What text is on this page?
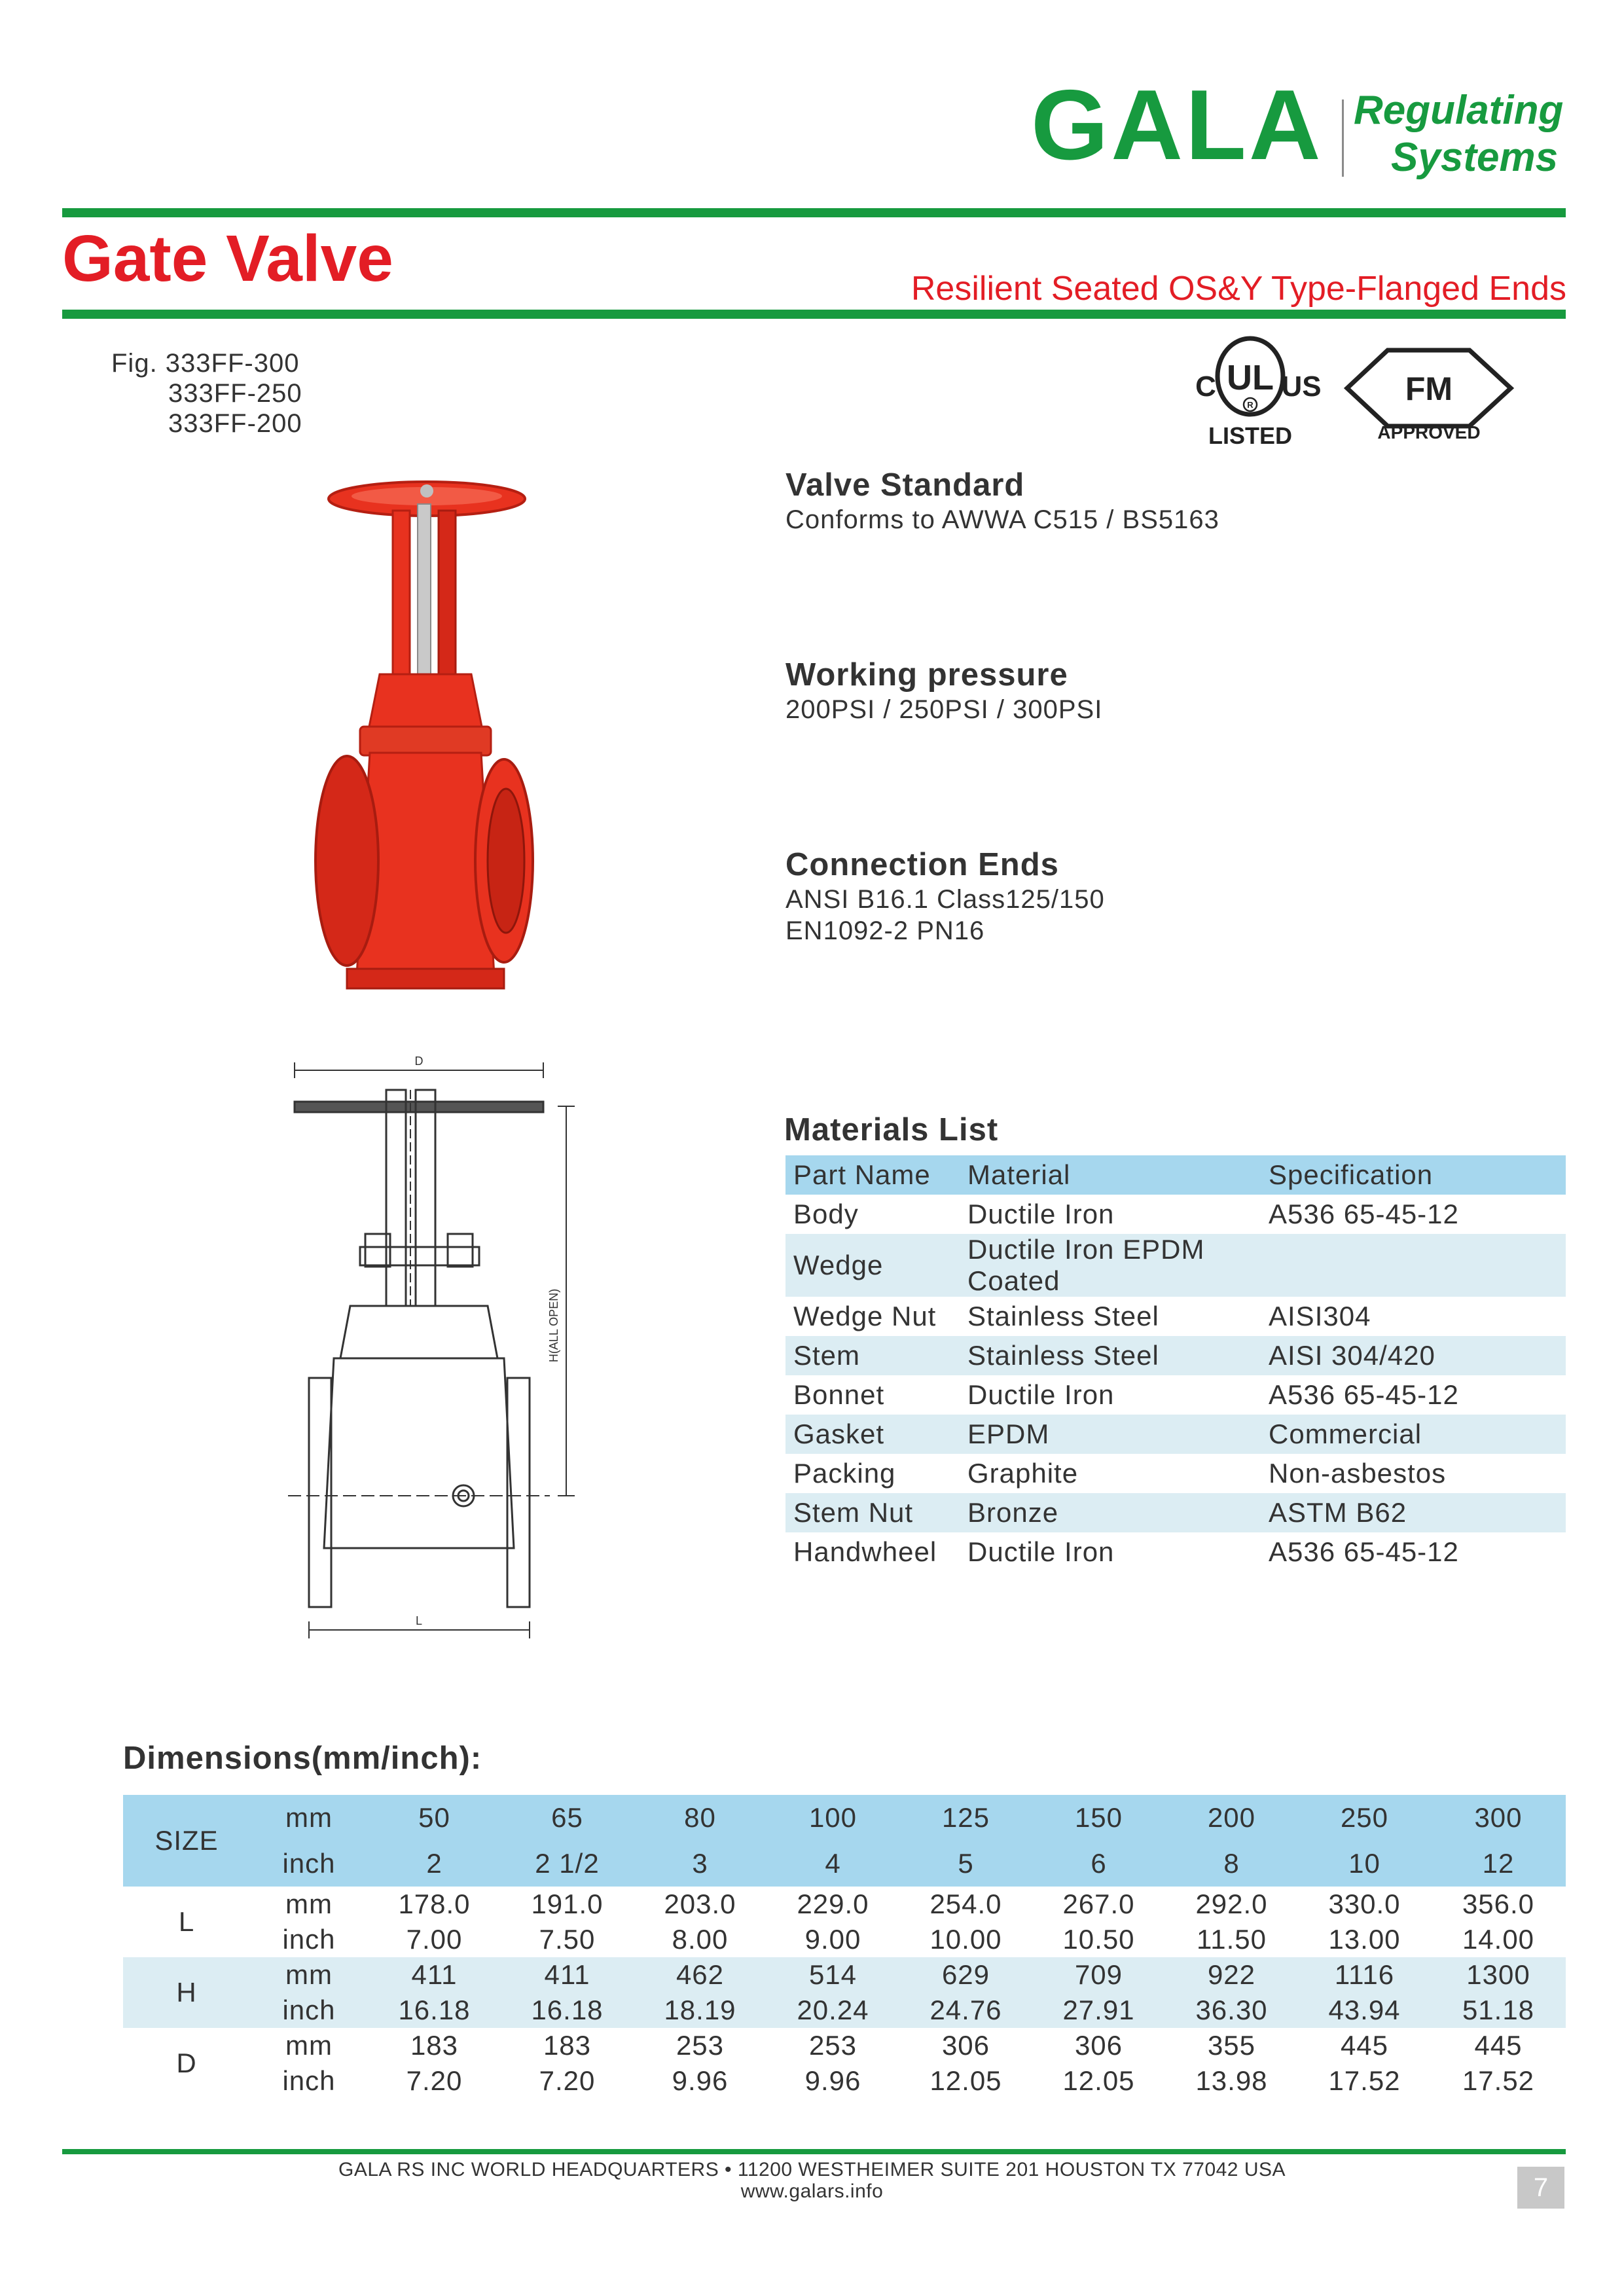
GALA Regulating
Systems
Gate Valve	Resilient Seated OS&Y Type-Flanged Ends
Fig. 333FF-300
333FF-250
333FF-200
UL
R
C US
LISTED
FM
APPROVED
D
H(ALL OPEN)
L
Valve Standard
Conforms to AWWA C515 / BS5163
Working pressure
200PSI / 250PSI / 300PSI
Connection Ends
ANSI B16.1 Class125/150
EN1092-2 PN16
Materials List
Part Name	Material	Specification
Body	Ductile Iron	A536 65-45-12
Wedge	Ductile Iron EPDM Coated	
Wedge Nut	Stainless Steel	AISI304
Stem	Stainless Steel	AISI 304/420
Bonnet	Ductile Iron	A536 65-45-12
Gasket	EPDM	Commercial
Packing	Graphite	Non-asbestos
Stem Nut	Bronze	ASTM B62
Handwheel	Ductile Iron	A536 65-45-12
Dimensions(mm/inch):
SIZE	mm	50	65	80	100	125	150	200	250	300
	inch	2	2 1/2	3	4	5	6	8	10	12
L	mm	178.0	191.0	203.0	229.0	254.0	267.0	292.0	330.0	356.0
	inch	7.00	7.50	8.00	9.00	10.00	10.50	11.50	13.00	14.00
H	mm	411	411	462	514	629	709	922	1116	1300
	inch	16.18	16.18	18.19	20.24	24.76	27.91	36.30	43.94	51.18
D	mm	183	183	253	253	306	306	355	445	445
	inch	7.20	7.20	9.96	9.96	12.05	12.05	13.98	17.52	17.52
GALA RS INC WORLD HEADQUARTERS • 11200 WESTHEIMER SUITE 201 HOUSTON TX 77042 USA
www.galars.info	7
